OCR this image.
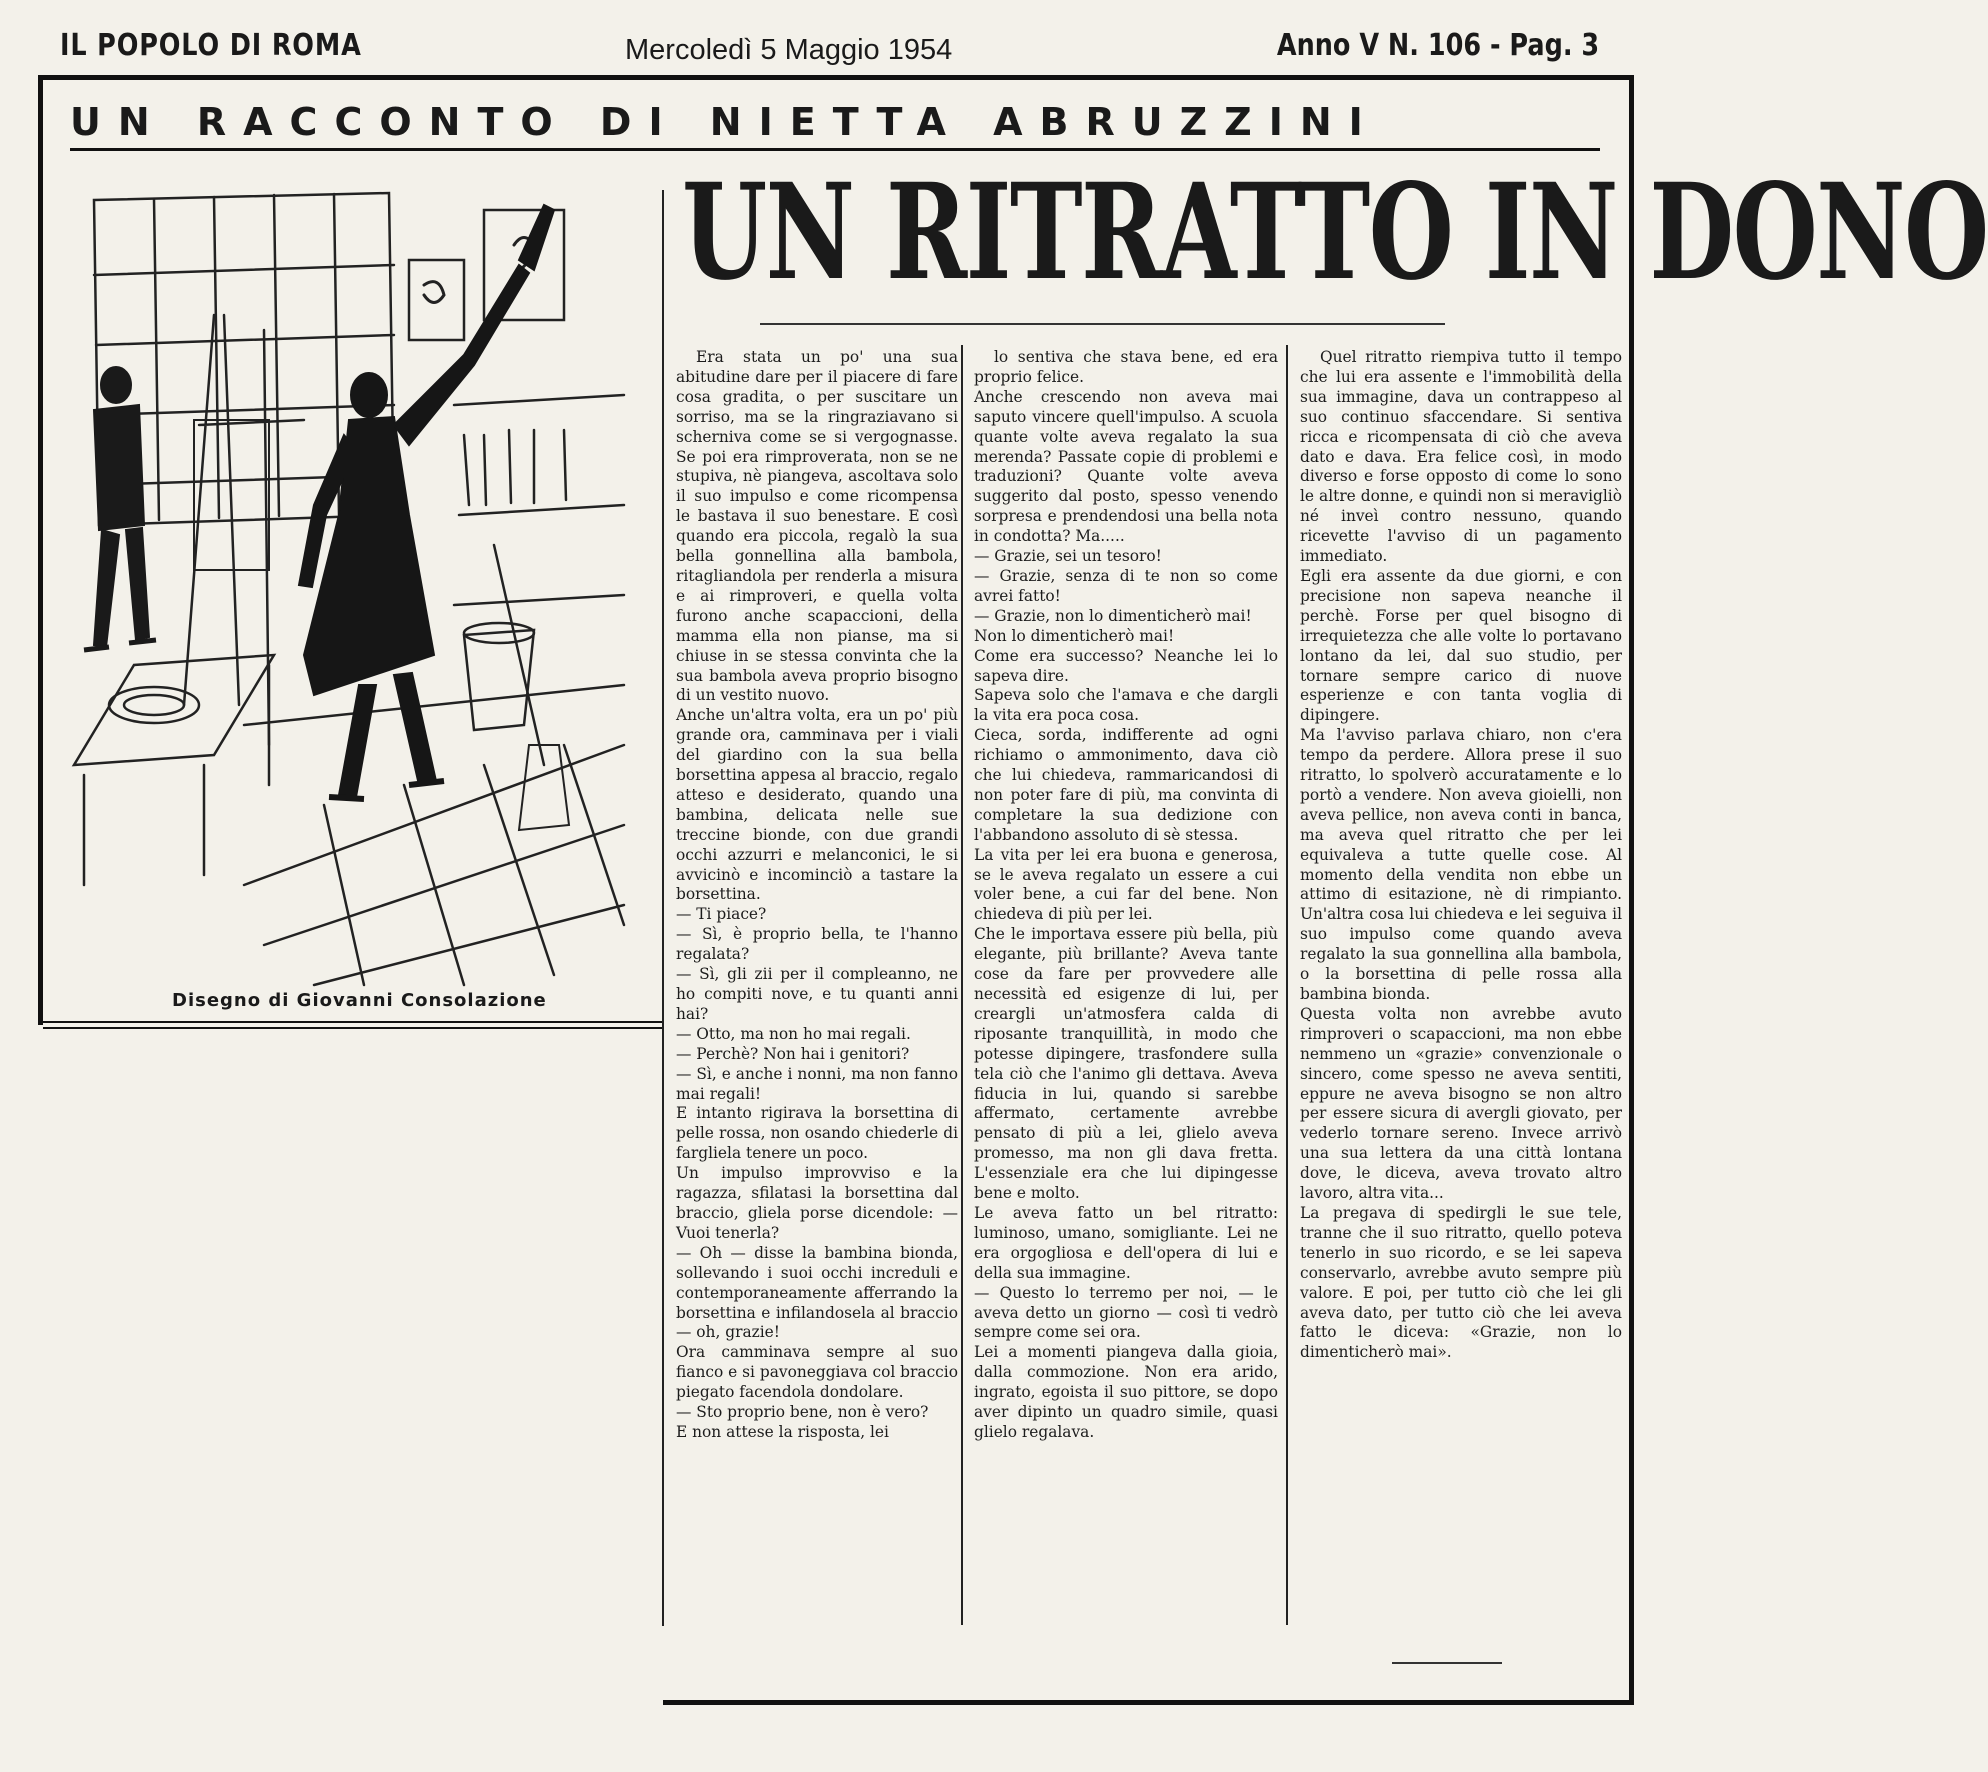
IL POPOLO DI ROMA	Mercoledì 5 Maggio 1954	Anno V N. 106 - Pag. 3
UN RACCONTO DI NIETTA ABRUZZINI
UN RITRATTO IN DONO
Disegno di Giovanni Consolazione

Era stata un po' una sua abitudine dare per il piacere di fare cosa gradita, o per suscitare un sorriso, ma se la ringraziavano si scherniva come se si vergognasse. Se poi era rimproverata, non se ne stupiva, nè piangeva, ascoltava solo il suo impulso e come ricompensa le bastava il suo benestare. E così quando era piccola, regalò la sua bella gonnellina alla bambola, ritagliandola per renderla a misura e ai rimproveri, e quella volta furono anche scapaccioni, della mamma ella non pianse, ma si chiuse in se stessa convinta che la sua bambola aveva proprio bisogno di un vestito nuovo.
Anche un'altra volta, era un po' più grande ora, camminava per i viali del giardino con la sua bella borsettina appesa al braccio, regalo atteso e desiderato, quando una bambina, delicata nelle sue treccine bionde, con due grandi occhi azzurri e melanconici, le si avvicinò e incominciò a tastare la borsettina.
— Ti piace?
— Sì, è proprio bella, te l'hanno regalata?
— Sì, gli zii per il compleanno, ne ho compiti nove, e tu quanti anni hai?
— Otto, ma non ho mai regali.
— Perchè? Non hai i genitori?
— Sì, e anche i nonni, ma non fanno mai regali!
E intanto rigirava la borsettina di pelle rossa, non osando chiederle di fargliela tenere un poco.
Un impulso improvviso e la ragazza, sfilatasi la borsettina dal braccio, gliela porse dicendole: — Vuoi tenerla?
— Oh — disse la bambina bionda, sollevando i suoi occhi increduli e contemporaneamente afferrando la borsettina e infilandosela al braccio — oh, grazie!
Ora camminava sempre al suo fianco e si pavoneggiava col braccio piegato facendola dondolare.
— Sto proprio bene, non è vero?
E non attese la risposta, lei

lo sentiva che stava bene, ed era proprio felice.
Anche crescendo non aveva mai saputo vincere quell'impulso. A scuola quante volte aveva regalato la sua merenda? Passate copie di problemi e traduzioni? Quante volte aveva suggerito dal posto, spesso venendo sorpresa e prendendosi una bella nota in condotta? Ma.....
— Grazie, sei un tesoro!
— Grazie, senza di te non so come avrei fatto!
— Grazie, non lo dimenticherò mai!
Non lo dimenticherò mai!
Come era successo? Neanche lei lo sapeva dire.
Sapeva solo che l'amava e che dargli la vita era poca cosa.
Cieca, sorda, indifferente ad ogni richiamo o ammonimento, dava ciò che lui chiedeva, rammaricandosi di non poter fare di più, ma convinta di completare la sua dedizione con l'abbandono assoluto di sè stessa.
La vita per lei era buona e generosa, se le aveva regalato un essere a cui voler bene, a cui far del bene. Non chiedeva di più per lei.
Che le importava essere più bella, più elegante, più brillante? Aveva tante cose da fare per provvedere alle necessità ed esigenze di lui, per creargli un'atmosfera calda di riposante tranquillità, in modo che potesse dipingere, trasfondere sulla tela ciò che l'animo gli dettava. Aveva fiducia in lui, quando si sarebbe affermato, certamente avrebbe pensato di più a lei, glielo aveva promesso, ma non gli dava fretta. L'essenziale era che lui dipingesse bene e molto.
Le aveva fatto un bel ritratto: luminoso, umano, somigliante. Lei ne era orgogliosa e dell'opera di lui e della sua immagine.
— Questo lo terremo per noi, — le aveva detto un giorno — così ti vedrò sempre come sei ora.
Lei a momenti piangeva dalla gioia, dalla commozione. Non era arido, ingrato, egoista il suo pittore, se dopo aver dipinto un quadro simile, quasi glielo regalava.

Quel ritratto riempiva tutto il tempo che lui era assente e l'immobilità della sua immagine, dava un contrappeso al suo continuo sfaccendare. Si sentiva ricca e ricompensata di ciò che aveva dato e dava. Era felice così, in modo diverso e forse opposto di come lo sono le altre donne, e quindi non si meravigliò né inveì contro nessuno, quando ricevette l'avviso di un pagamento immediato.
Egli era assente da due giorni, e con precisione non sapeva neanche il perchè. Forse per quel bisogno di irrequietezza che alle volte lo portavano lontano da lei, dal suo studio, per tornare sempre carico di nuove esperienze e con tanta voglia di dipingere.
Ma l'avviso parlava chiaro, non c'era tempo da perdere. Allora prese il suo ritratto, lo spolverò accuratamente e lo portò a vendere. Non aveva gioielli, non aveva pellice, non aveva conti in banca, ma aveva quel ritratto che per lei equivaleva a tutte quelle cose. Al momento della vendita non ebbe un attimo di esitazione, nè di rimpianto. Un'altra cosa lui chiedeva e lei seguiva il suo impulso come quando aveva regalato la sua gonnellina alla bambola, o la borsettina di pelle rossa alla bambina bionda.
Questa volta non avrebbe avuto rimproveri o scapaccioni, ma non ebbe nemmeno un «grazie» convenzionale o sincero, come spesso ne aveva sentiti, eppure ne aveva bisogno se non altro per essere sicura di avergli giovato, per vederlo tornare sereno. Invece arrivò una sua lettera da una città lontana dove, le diceva, aveva trovato altro lavoro, altra vita...
La pregava di spedirgli le sue tele, tranne che il suo ritratto, quello poteva tenerlo in suo ricordo, e se lei sapeva conservarlo, avrebbe avuto sempre più valore. E poi, per tutto ciò che lei gli aveva dato, per tutto ciò che lei aveva fatto le diceva: «Grazie, non lo dimenticherò mai».
